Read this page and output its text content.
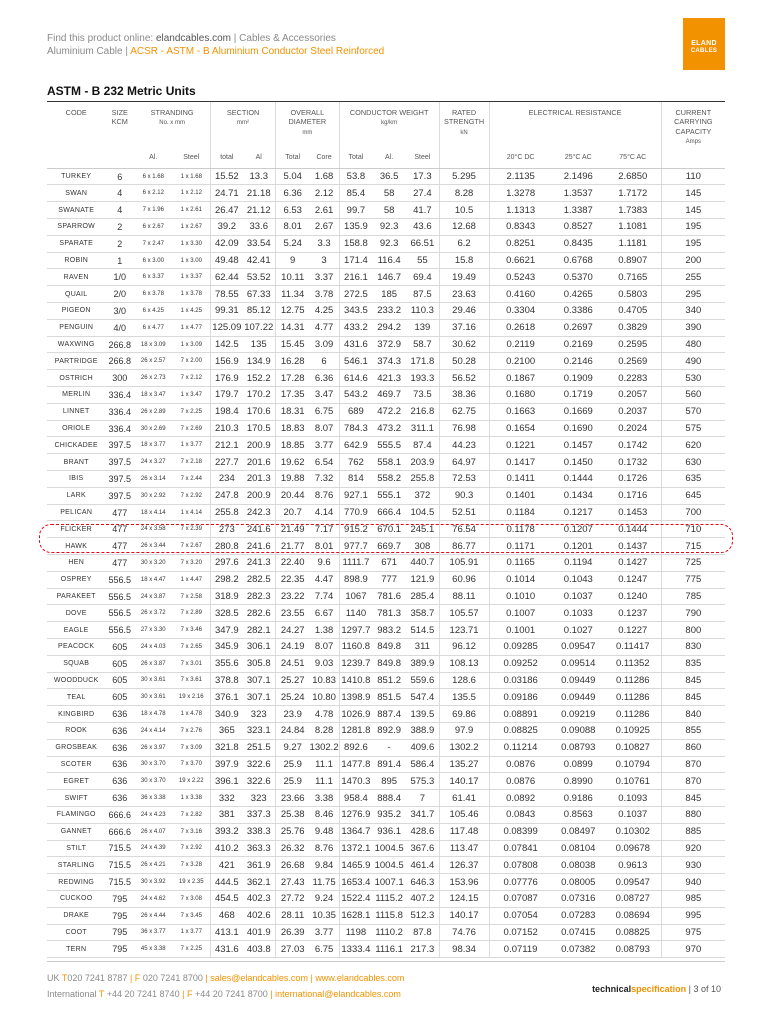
Find this product online: elandcables.com | Cables & Accessories
Aluminium Cable | ACSR - ASTM - B Aluminium Conductor Steel Reinforced
ELAND
CABLES
ASTM - B 232 Metric Units
CODE	SIZE
KCM	STRANDING
No. x mm		SECTION
mm²		OVERALL DIAMETER
mm		CONDUCTOR WEIGHT
kg/km			RATED STRENGTH
kN	ELECTRICAL RESISTANCE			CURRENT CARRYING CAPACITY
Amps
		Al.	Steel	total	Al	Total	Core	Total	Al.	Steel		20°C DC	25°C AC	75°C AC	
TURKEY	6	6 x 1.68	1 x 1.68	15.52	13.3	5.04	1.68	53.8	36.5	17.3	5.295	2.1135	2.1496	2.6850	110
SWAN	4	6 x 2.12	1 x 2.12	24.71	21.18	6.36	2.12	85.4	58	27.4	8.28	1.3278	1.3537	1.7172	145
SWANATE	4	7 x 1.96	1 x 2.61	26.47	21.12	6.53	2.61	99.7	58	41.7	10.5	1.1313	1.3387	1.7383	145
SPARROW	2	6 x 2.67	1 x 2.67	39.2	33.6	8.01	2.67	135.9	92.3	43.6	12.68	0.8343	0.8527	1.1081	195
SPARATE	2	7 x 2.47	1 x 3.30	42.09	33.54	5.24	3.3	158.8	92.3	66.51	6.2	0.8251	0.8435	1.1181	195
ROBIN	1	6 x 3.00	1 x 3.00	49.48	42.41	9	3	171.4	116.4	55	15.8	0.6621	0.6768	0.8907	200
RAVEN	1/0	6 x 3.37	1 x 3.37	62.44	53.52	10.11	3.37	216.1	146.7	69.4	19.49	0.5243	0.5370	0.7165	255
QUAIL	2/0	6 x 3.78	1 x 3.78	78.55	67.33	11.34	3.78	272.5	185	87.5	23.63	0.4160	0.4265	0.5803	295
PIGEON	3/0	6 x 4.25	1 x 4.25	99.31	85.12	12.75	4.25	343.5	233.2	110.3	29.46	0.3304	0.3386	0.4705	340
PENGUIN	4/0	6 x 4.77	1 x 4.77	125.09	107.22	14.31	4.77	433.2	294.2	139	37.16	0.2618	0.2697	0.3829	390
WAXWING	266.8	18 x 3.09	1 x 3.09	142.5	135	15.45	3.09	431.6	372.9	58.7	30.62	0.2119	0.2169	0.2595	480
PARTRIDGE	266.8	26 x 2.57	7 x 2.00	156.9	134.9	16.28	6	546.1	374.3	171.8	50.28	0.2100	0.2146	0.2569	490
OSTRICH	300	26 x 2.73	7 x 2.12	176.9	152.2	17.28	6.36	614.6	421.3	193.3	56.52	0.1867	0.1909	0.2283	530
MERLIN	336.4	18 x 3.47	1 x 3.47	179.7	170.2	17.35	3.47	543.2	469.7	73.5	38.36	0.1680	0.1719	0.2057	560
LINNET	336.4	26 x 2.89	7 x 2.25	198.4	170.6	18.31	6.75	689	472.2	216.8	62.75	0.1663	0.1669	0.2037	570
ORIOLE	336.4	30 x 2.69	7 x 2.69	210.3	170.5	18.83	8.07	784.3	473.2	311.1	76.98	0.1654	0.1690	0.2024	575
CHICKADEE	397.5	18 x 3.77	1 x 3.77	212.1	200.9	18.85	3.77	642.9	555.5	87.4	44.23	0.1221	0.1457	0.1742	620
BRANT	397.5	24 x 3.27	7 x 2.18	227.7	201.6	19.62	6.54	762	558.1	203.9	64.97	0.1417	0.1450	0.1732	630
IBIS	397.5	26 x 3.14	7 x 2.44	234	201.3	19.88	7.32	814	558.2	255.8	72.53	0.1411	0.1444	0.1726	635
LARK	397.5	30 x 2.92	7 x 2.92	247.8	200.9	20.44	8.76	927.1	555.1	372	90.3	0.1401	0.1434	0.1716	645
PELICAN	477	18 x 4.14	1 x 4.14	255.8	242.3	20.7	4.14	770.9	666.4	104.5	52.51	0.1184	0.1217	0.1453	700
FLICKER	477	24 x 3.58	7 x 2.39	273	241.6	21.49	7.17	915.2	670.1	245.1	76.54	0.1178	0.1207	0.1444	710
HAWK	477	26 x 3.44	7 x 2.67	280.8	241.6	21.77	8.01	977.7	669.7	308	86.77	0.1171	0.1201	0.1437	715
HEN	477	30 x 3.20	7 x 3.20	297.6	241.3	22.40	9.6	1111.7	671	440.7	105.91	0.1165	0.1194	0.1427	725
OSPREY	556.5	18 x 4.47	1 x 4.47	298.2	282.5	22.35	4.47	898.9	777	121.9	60.96	0.1014	0.1043	0.1247	775
PARAKEET	556.5	24 x 3.87	7 x 2.58	318.9	282.3	23.22	7.74	1067	781.6	285.4	88.11	0.1010	0.1037	0.1240	785
DOVE	556.5	26 x 3.72	7 x 2.89	328.5	282.6	23.55	6.67	1140	781.3	358.7	105.57	0.1007	0.1033	0.1237	790
EAGLE	556.5	27 x 3.30	7 x 3.46	347.9	282.1	24.27	1.38	1297.7	983.2	514.5	123.71	0.1001	0.1027	0.1227	800
PEACOCK	605	24 x 4.03	7 x 2.65	345.9	306.1	24.19	8.07	1160.8	849.8	311	96.12	0.09285	0.09547	0.11417	830
SQUAB	605	26 x 3.87	7 x 3.01	355.6	305.8	24.51	9.03	1239.7	849.8	389.9	108.13	0.09252	0.09514	0.11352	835
WOODDUCK	605	30 x 3.61	7 x 3.61	378.8	307.1	25.27	10.83	1410.8	851.2	559.6	128.6	0.03186	0.09449	0.11286	845
TEAL	605	30 x 3.61	19 x 2.16	376.1	307.1	25.24	10.80	1398.9	851.5	547.4	135.5	0.09186	0.09449	0.11286	845
KINGBIRD	636	18 x 4.78	1 x 4.78	340.9	323	23.9	4.78	1026.9	887.4	139.5	69.86	0.08891	0.09219	0.11286	840
ROOK	636	24 x 4.14	7 x 2.76	365	323.1	24.84	8.28	1281.8	892.9	388.9	97.9	0.08825	0.09088	0.10925	855
GROSBEAK	636	26 x 3.97	7 x 3.09	321.8	251.5	9.27	1302.2	892.6	-	409.6	1302.2	0.11214	0.08793	0.10827	860
SCOTER	636	30 x 3.70	7 x 3.70	397.9	322.6	25.9	11.1	1477.8	891.4	586.4	135.27	0.0876	0.0899	0.10794	870
EGRET	636	30 x 3.70	19 x 2.22	396.1	322.6	25.9	11.1	1470.3	895	575.3	140.17	0.0876	0.8990	0.10761	870
SWIFT	636	36 x 3.38	1 x 3.38	332	323	23.66	3.38	958.4	888.4	7	61.41	0.0892	0.9186	0.1093	845
FLAMINGO	666.6	24 x 4.23	7 x 2.82	381	337.3	25.38	8.46	1276.9	935.2	341.7	105.46	0.0843	0.8563	0.1037	880
GANNET	666.6	26 x 4.07	7 x 3.16	393.2	338.3	25.76	9.48	1364.7	936.1	428.6	117.48	0.08399	0.08497	0.10302	885
STILT	715.5	24 x 4.39	7 x 2.92	410.2	363.3	26.32	8.76	1372.1	1004.5	367.6	113.47	0.07841	0.08104	0.09678	920
STARLING	715.5	26 x 4.21	7 x 3.28	421	361.9	26.68	9.84	1465.9	1004.5	461.4	126.37	0.07808	0.08038	0.9613	930
REDWING	715.5	30 x 3.92	19 x 2.35	444.5	362.1	27.43	11.75	1653.4	1007.1	646.3	153.96	0.07776	0.08005	0.09547	940
CUCKOO	795	24 x 4.62	7 x 3.08	454.5	402.3	27.72	9.24	1522.4	1115.2	407.2	124.15	0.07087	0.07316	0.08727	985
DRAKE	795	26 x 4.44	7 x 3.45	468	402.6	28.11	10.35	1628.1	1115.8	512.3	140.17	0.07054	0.07283	0.08694	995
COOT	795	36 x 3.77	1 x 3.77	413.1	401.9	26.39	3.77	1198	1110.2	87.8	74.76	0.07152	0.07415	0.08825	975
TERN	795	45 x 3.38	7 x 2.25	431.6	403.8	27.03	6.75	1333.4	1116.1	217.3	98.34	0.07119	0.07382	0.08793	970
UK T020 7241 8787 | F 020 7241 8700 | sales@elandcables.com | www.elandcables.com
International T +44 20 7241 8740 | F +44 20 7241 8700 | international@elandcables.com	technicalspecification | 3 of 10
